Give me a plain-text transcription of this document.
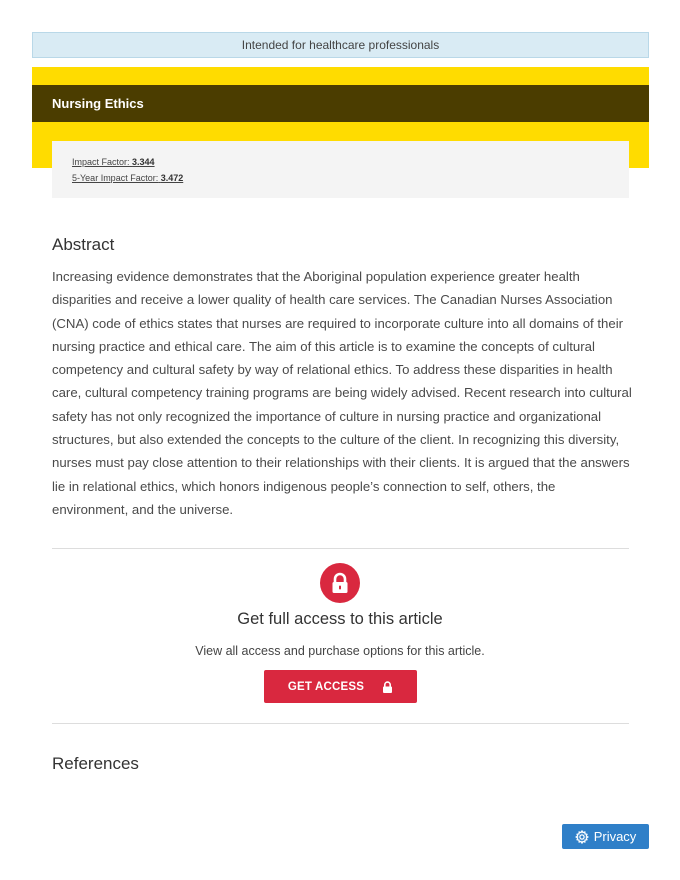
Intended for healthcare professionals
Nursing Ethics
Impact Factor: 3.344
5-Year Impact Factor: 3.472
Abstract

Increasing evidence demonstrates that the Aboriginal population experience greater health disparities and receive a lower quality of health care services. The Canadian Nurses Association (CNA) code of ethics states that nurses are required to incorporate culture into all domains of their nursing practice and ethical care. The aim of this article is to examine the concepts of cultural competency and cultural safety by way of relational ethics. To address these disparities in health care, cultural competency training programs are being widely advised. Recent research into cultural safety has not only recognized the importance of culture in nursing practice and organizational structures, but also extended the concepts to the culture of the client. In recognizing this diversity, nurses must pay close attention to their relationships with their clients. It is argued that the answers lie in relational ethics, which honors indigenous people’s connection to self, others, the environment, and the universe.

Get full access to this article
View all access and purchase options for this article.
GET ACCESS
References
Privacy
